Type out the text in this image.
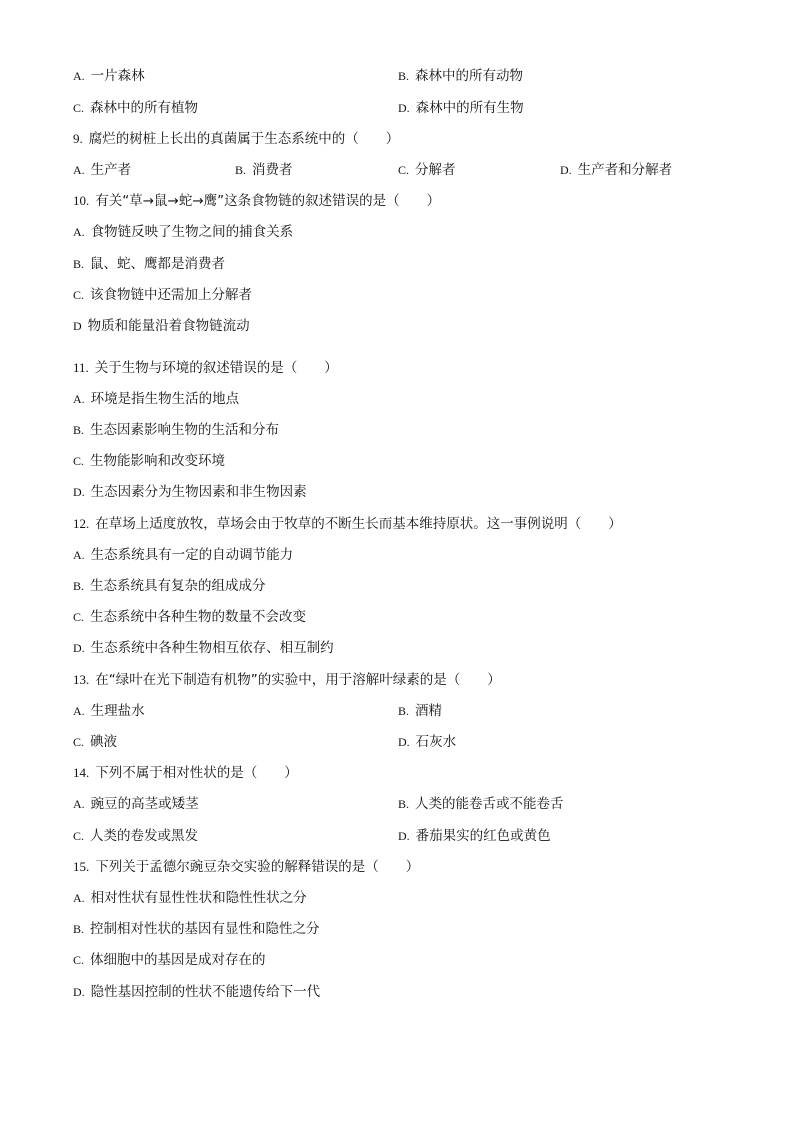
A. 一片森林	B. 森林中的所有动物
C. 森林中的所有植物	D. 森林中的所有生物
9. 腐烂的树桩上长出的真菌属于生态系统中的（　　）
A. 生产者	B. 消费者	C. 分解者	D. 生产者和分解者
10. 有关“草→鼠→蛇→鹰”这条食物链的叙述错误的是（　　）
A. 食物链反映了生物之间的捕食关系
B. 鼠、蛇、鹰都是消费者
C. 该食物链中还需加上分解者
D 物质和能量沿着食物链流动
11. 关于生物与环境的叙述错误的是（　　）
A. 环境是指生物生活的地点
B. 生态因素影响生物的生活和分布
C. 生物能影响和改变环境
D. 生态因素分为生物因素和非生物因素
12. 在草场上适度放牧，草场会由于牧草的不断生长而基本维持原状。这一事例说明（　　）
A. 生态系统具有一定的自动调节能力
B. 生态系统具有复杂的组成成分
C. 生态系统中各种生物的数量不会改变
D. 生态系统中各种生物相互依存、相互制约
13. 在“绿叶在光下制造有机物”的实验中，用于溶解叶绿素的是（　　）
A. 生理盐水	B. 酒精
C. 碘液	D. 石灰水
14. 下列不属于相对性状的是（　　）
A. 豌豆的高茎或矮茎	B. 人类的能卷舌或不能卷舌
C. 人类的卷发或黑发	D. 番茄果实的红色或黄色
15. 下列关于孟德尔豌豆杂交实验的解释错误的是（　　）
A. 相对性状有显性性状和隐性性状之分
B. 控制相对性状的基因有显性和隐性之分
C. 体细胞中的基因是成对存在的
D. 隐性基因控制的性状不能遗传给下一代
